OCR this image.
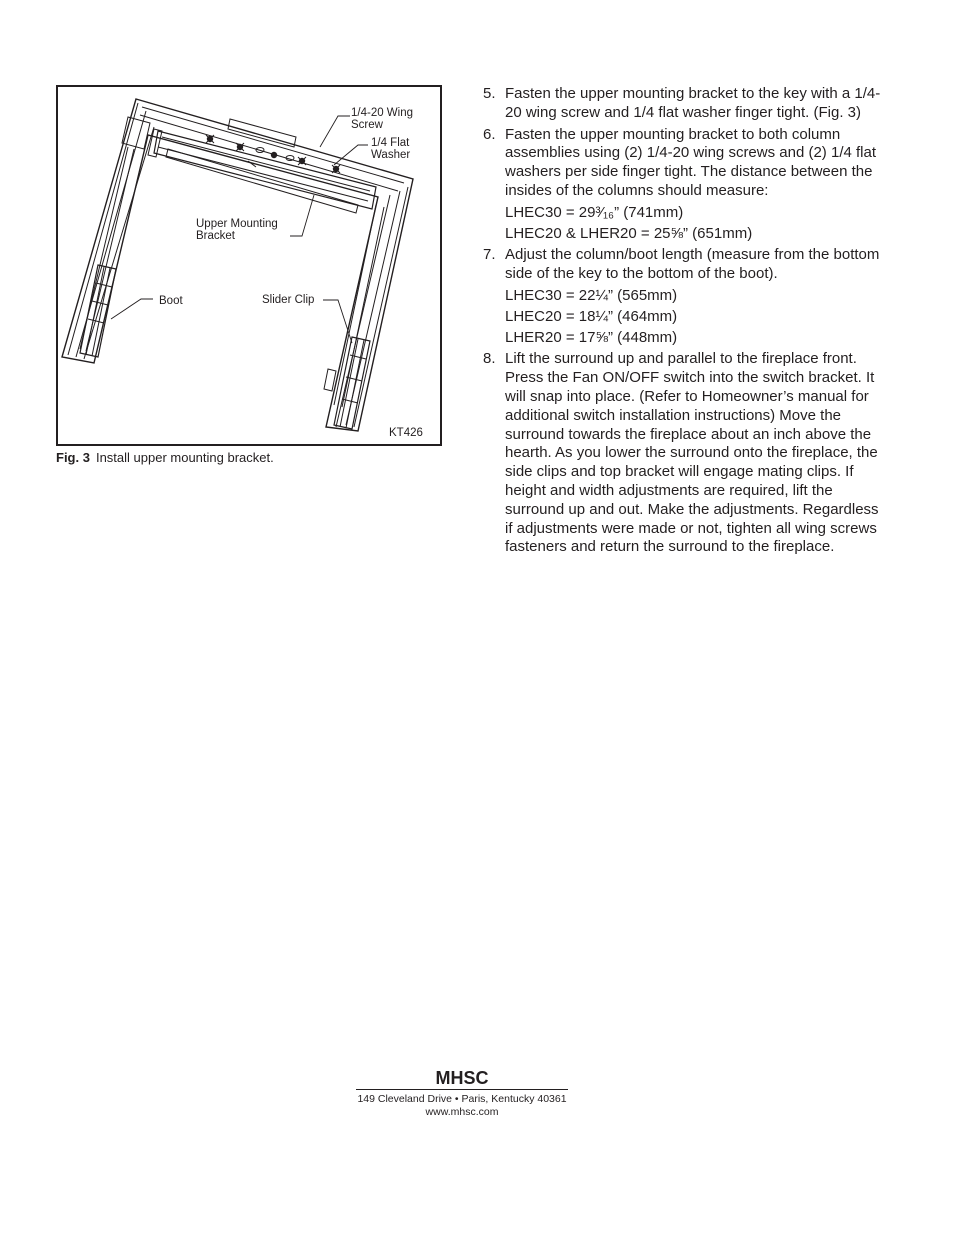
1/4-20 Wing
Screw
1/4 Flat
Washer
Upper Mounting
Bracket
Boot	Slider Clip
KT426
Fig. 3 Install upper mounting bracket.
5. Fasten the upper mounting bracket to the key with a 1/4-20 wing screw and 1/4 flat washer finger tight. (Fig. 3)
6. Fasten the upper mounting bracket to both column assemblies using (2) 1/4-20 wing screws and (2) 1/4 flat washers per side finger tight. The distance between the insides of the columns should measure:
LHEC30 = 29³⁄₁₆” (741mm)
LHEC20 & LHER20 = 25⅝” (651mm)
7. Adjust the column/boot length (measure from the bottom side of the key to the bottom of the boot).
LHEC30 = 22¼” (565mm)
LHEC20 = 18¼” (464mm)
LHER20 = 17⅝” (448mm)
8. Lift the surround up and parallel to the fireplace front. Press the Fan ON/OFF switch into the switch bracket. It will snap into place. (Refer to Homeowner’s manual for additional switch installation instructions) Move the surround towards the fireplace about an inch above the hearth. As you lower the surround onto the fireplace, the side clips and top bracket will engage mating clips. If height and width adjustments are required, lift the surround up and out. Make the adjustments. Regardless if adjustments were made or not, tighten all wing screws fasteners and return the surround to the fireplace.
MHSC
149 Cleveland Drive • Paris, Kentucky 40361
www.mhsc.com
